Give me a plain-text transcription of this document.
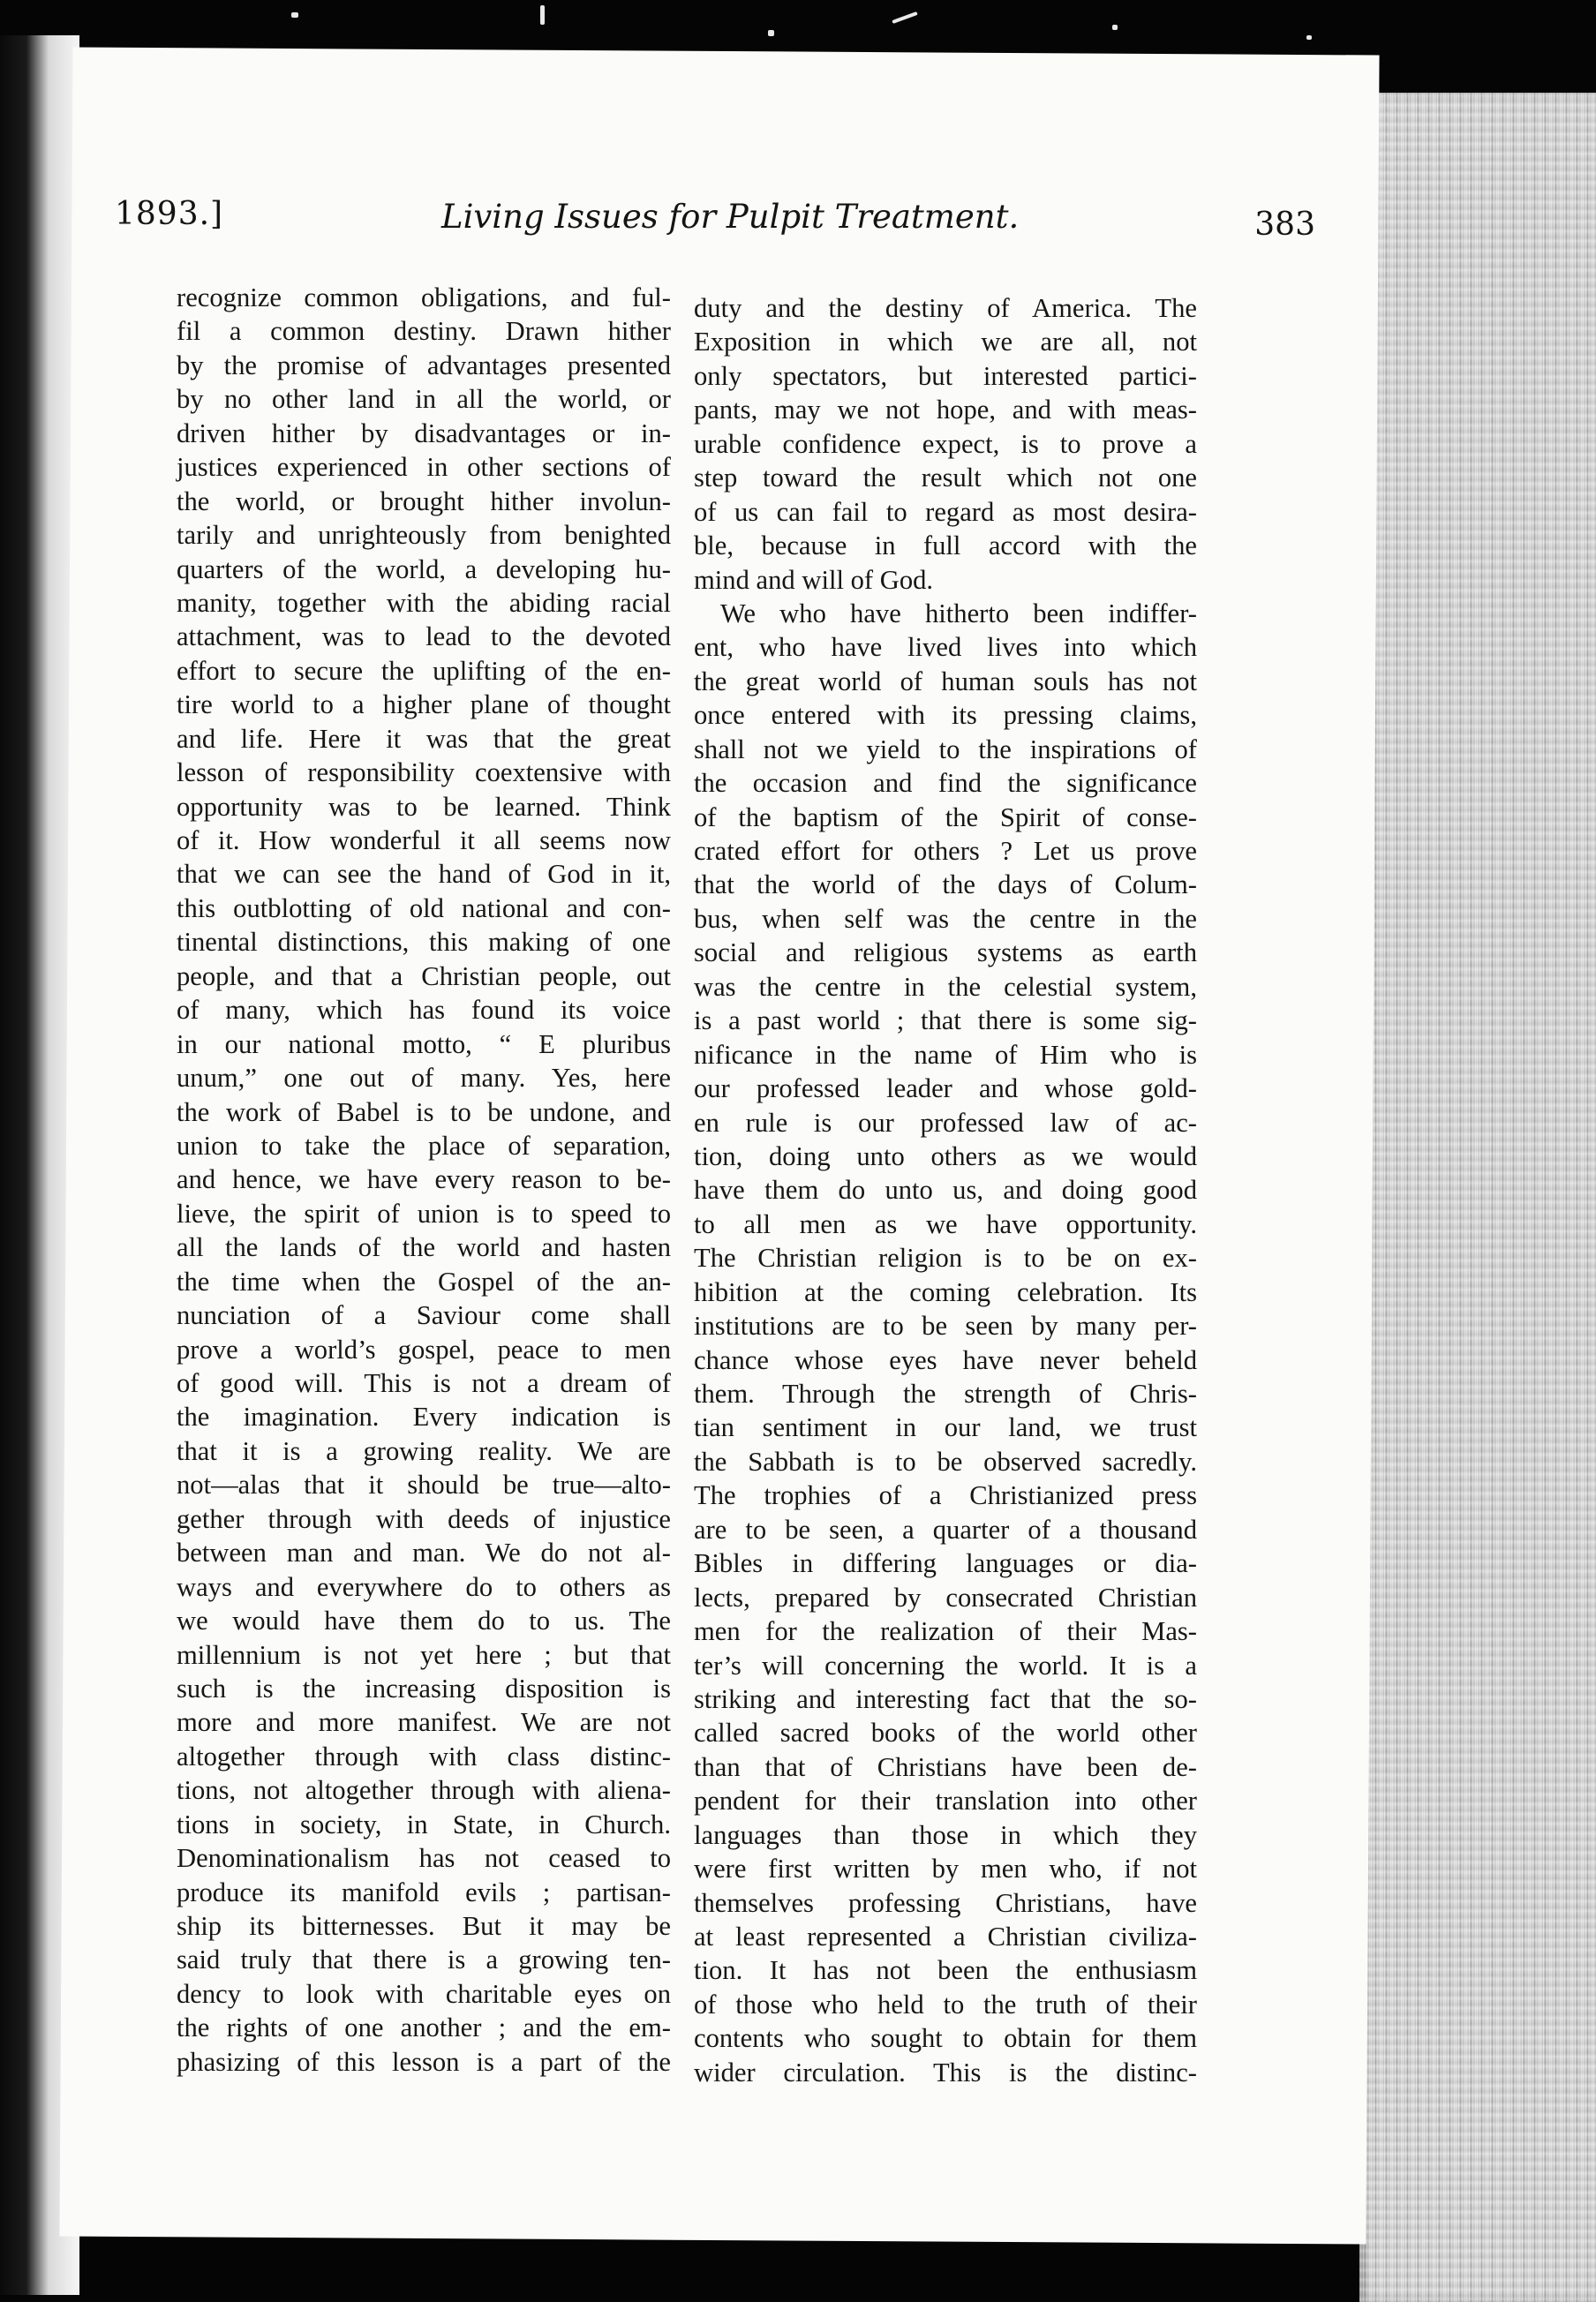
1893.]	Living Issues for Pulpit Treatment.	383
recognize common obligations, and ful-
fil a common destiny. Drawn hither
by the promise of advantages presented
by no other land in all the world, or
driven hither by disadvantages or in-
justices experienced in other sections of
the world, or brought hither involun-
tarily and unrighteously from benighted
quarters of the world, a developing hu-
manity, together with the abiding racial
attachment, was to lead to the devoted
effort to secure the uplifting of the en-
tire world to a higher plane of thought
and life. Here it was that the great
lesson of responsibility coextensive with
opportunity was to be learned. Think
of it. How wonderful it all seems now
that we can see the hand of God in it,
this outblotting of old national and con-
tinental distinctions, this making of one
people, and that a Christian people, out
of many, which has found its voice
in our national motto, “ E pluribus
unum,” one out of many. Yes, here
the work of Babel is to be undone, and
union to take the place of separation,
and hence, we have every reason to be-
lieve, the spirit of union is to speed to
all the lands of the world and hasten
the time when the Gospel of the an-
nunciation of a Saviour come shall
prove a world’s gospel, peace to men
of good will. This is not a dream of
the imagination. Every indication is
that it is a growing reality. We are
not—alas that it should be true—alto-
gether through with deeds of injustice
between man and man. We do not al-
ways and everywhere do to others as
we would have them do to us. The
millennium is not yet here ; but that
such is the increasing disposition is
more and more manifest. We are not
altogether through with class distinc-
tions, not altogether through with aliena-
tions in society, in State, in Church.
Denominationalism has not ceased to
produce its manifold evils ; partisan-
ship its bitternesses. But it may be
said truly that there is a growing ten-
dency to look with charitable eyes on
the rights of one another ; and the em-
phasizing of this lesson is a part of the
duty and the destiny of America. The
Exposition in which we are all, not
only spectators, but interested partici-
pants, may we not hope, and with meas-
urable confidence expect, is to prove a
step toward the result which not one
of us can fail to regard as most desira-
ble, because in full accord with the
mind and will of God.
We who have hitherto been indiffer-
ent, who have lived lives into which
the great world of human souls has not
once entered with its pressing claims,
shall not we yield to the inspirations of
the occasion and find the significance
of the baptism of the Spirit of conse-
crated effort for others ? Let us prove
that the world of the days of Colum-
bus, when self was the centre in the
social and religious systems as earth
was the centre in the celestial system,
is a past world ; that there is some sig-
nificance in the name of Him who is
our professed leader and whose gold-
en rule is our professed law of ac-
tion, doing unto others as we would
have them do unto us, and doing good
to all men as we have opportunity.
The Christian religion is to be on ex-
hibition at the coming celebration. Its
institutions are to be seen by many per-
chance whose eyes have never beheld
them. Through the strength of Chris-
tian sentiment in our land, we trust
the Sabbath is to be observed sacredly.
The trophies of a Christianized press
are to be seen, a quarter of a thousand
Bibles in differing languages or dia-
lects, prepared by consecrated Christian
men for the realization of their Mas-
ter’s will concerning the world. It is a
striking and interesting fact that the so-
called sacred books of the world other
than that of Christians have been de-
pendent for their translation into other
languages than those in which they
were first written by men who, if not
themselves professing Christians, have
at least represented a Christian civiliza-
tion. It has not been the enthusiasm
of those who held to the truth of their
contents who sought to obtain for them
wider circulation. This is the distinc-
